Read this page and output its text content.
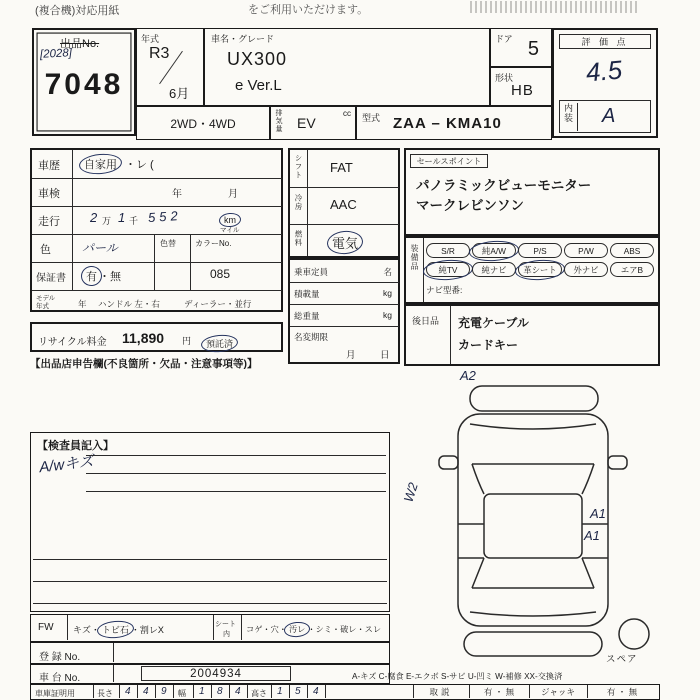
(複合機)対応用紙	をご利用いただけます。
出品No.
[2028]
7048
年式
R3
6月
車名・グレード
UX300
e Ver.L
ドア 5
形状
HB
評 価 点
4.5
内装 A
2WD・4WD	排気量 EV
cc 型式 ZAA – KMA10
車歴 自家用 ・レ (
車検	年	月
走行 2 万 1 千 552	km
マイル
色	パール	色替 カラーNo.
085
保証書 有 ・無
モデル
年式	年 ハンドル 左・右	ディーラー・並行
リサイクル料金 11,890 円 預託済
【出品店申告欄(不良箇所・欠品・注意事項等)】
シフト FAT
冷房 AAC
燃料 電気
乗車定員	名
積載量	kg
総重量	kg
名変期限
月	日
セールスポイント
パノラミックビューモニター
マークレビンソン
装備品	S/R	純A/W	P/S	P/W	ABS
純TV	純ナビ	革シート	外ナビ	エアB
ナビ型番:
後日品 充電ケーブル
カードキー
A2
W2
A1
A1
スペア
A-キズ C-腐食 E-エクボ S-サビ U-凹ミ W-補修 XX-交換済
【検査員記入】
A/wキズ
FW キズ・ トビ石 ・割レX
シート
内
コゲ・穴・ 汚レ ・シミ・破レ・スレ
登 録 No.
車 台 No.	2004934
車庫証明用	長さ 4 4 9 幅 1 8 4 高さ 1 5 4	取説	有 ・ 無	ジャッキ	有 ・ 無
